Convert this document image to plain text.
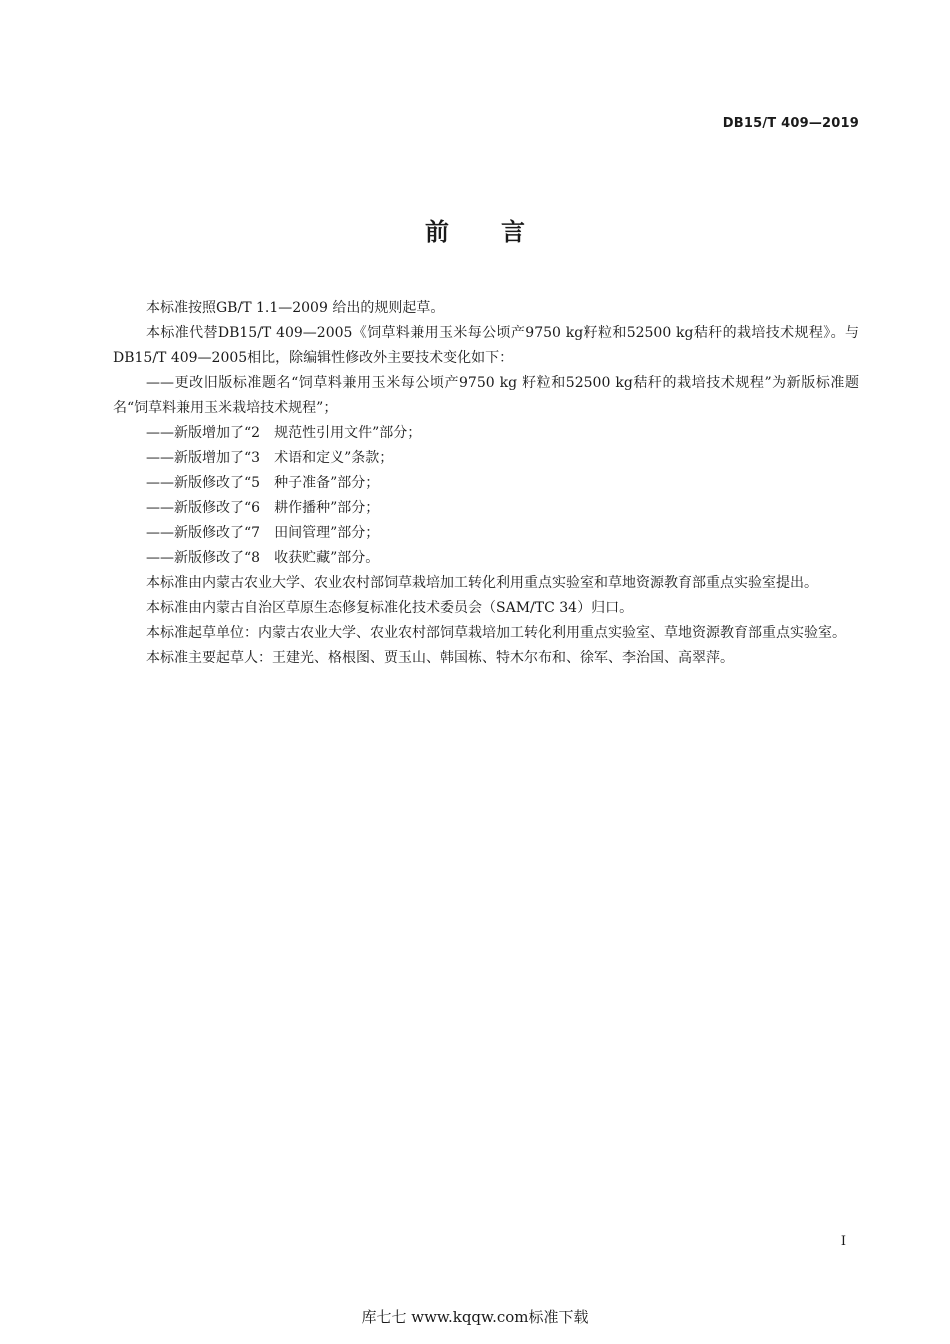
DB15/T 409—2019
前言

本标准按照GB/T 1.1—2009 给出的规则起草。

本标准代替DB15/T 409—2005《饲草料兼用玉米每公顷产9750 kg籽粒和52500 kg秸秆的栽培技术规程》。与 DB15/T 409—2005相比，除编辑性修改外主要技术变化如下：

——更改旧版标准题名“饲草料兼用玉米每公顷产9750 kg 籽粒和52500 kg秸秆的栽培技术规程”为新版标准题名“饲草料兼用玉米栽培技术规程”；

——新版增加了“2　规范性引用文件”部分；

——新版增加了“3　术语和定义”条款；

——新版修改了“5　种子准备”部分；

——新版修改了“6　耕作播种”部分；

——新版修改了“7　田间管理”部分；

——新版修改了“8　收获贮藏”部分。

本标准由内蒙古农业大学、农业农村部饲草栽培加工转化利用重点实验室和草地资源教育部重点实验室提出。

本标准由内蒙古自治区草原生态修复标准化技术委员会（SAM/TC 34）归口。

本标准起草单位：内蒙古农业大学、农业农村部饲草栽培加工转化利用重点实验室、草地资源教育部重点实验室。

本标准主要起草人：王建光、格根图、贾玉山、韩国栋、特木尔布和、徐军、李治国、高翠萍。

I
库七七 www.kqqw.com标准下载
